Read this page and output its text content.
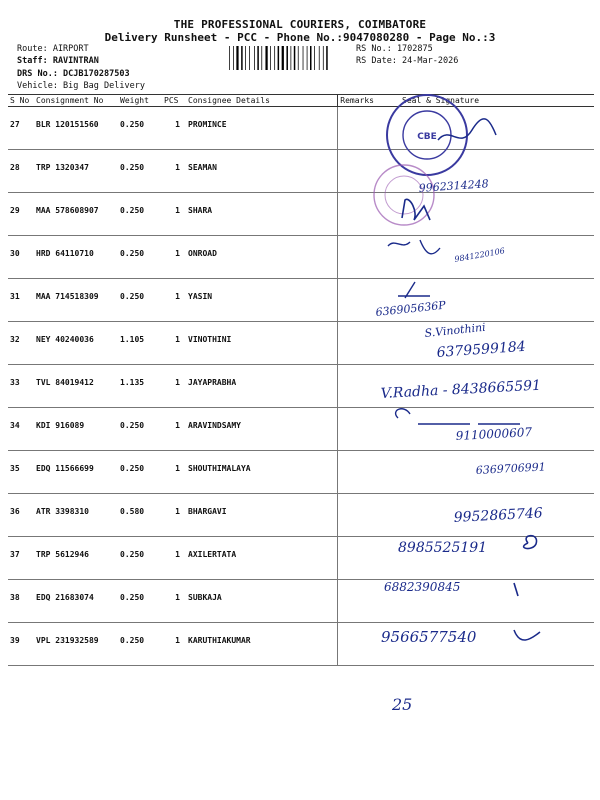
THE PROFESSIONAL COURIERS, COIMBATORE
Delivery Runsheet - PCC - Phone No.:9047080280 - Page No.:3
Route: AIRPORT
Staff: RAVINTRAN
DRS No.: DCJB170287503
Vehicle: Big Bag Delivery
RS No.: 1702875
RS Date: 24-Mar-2026
S No	Consignment No	Weight	PCS	Consignee Details	Remarks	Seal & Signature
27	BLR 120151560	0.250	1	PROMINCE		
28	TRP 1320347	0.250	1	SEAMAN		
29	MAA 578608907	0.250	1	SHARA		
30	HRD 64110710	0.250	1	ONROAD		
31	MAA 714518309	0.250	1	YASIN		
32	NEY 40240036	1.105	1	VINOTHINI		
33	TVL 84019412	1.135	1	JAYAPRABHA		
34	KDI 916089	0.250	1	ARAVINDSAMY		
35	EDQ 11566699	0.250	1	SHOUTHIMALAYA		
36	ATR 3398310	0.580	1	BHARGAVI		
37	TRP 5612946	0.250	1	AXILERTATA		
38	EDQ 21683074	0.250	1	SUBKAJA		
39	VPL 231932589	0.250	1	KARUTHIAKUMAR		
CBE
9962314248
9841220106
636905636P
S.Vinothini
6379599184
V.Radha - 8438665591
9110000607
6369706991
9952865746
8985525191
6882390845
9566577540
25
